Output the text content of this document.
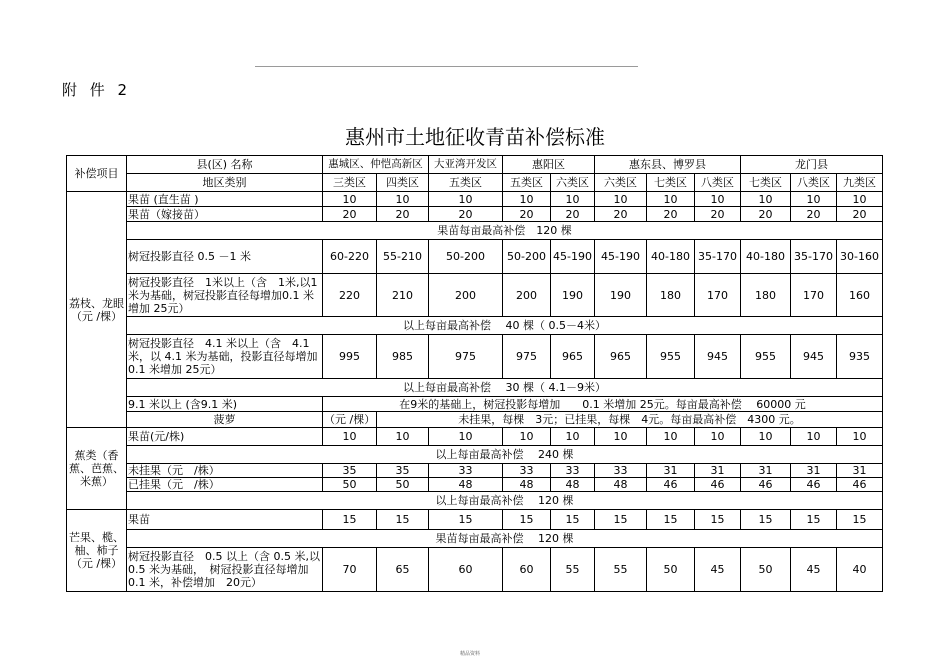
附 件 2
惠州市土地征收青苗补偿标准
补偿项目	县(区) 名称	惠城区、仲恺高新区		大亚湾开发区	惠阳区		惠东县、博罗县			龙门县		
	地区类别	三类区	四类区	五类区	五类区	六类区	六类区	七类区	八类区	七类区	八类区	九类区
荔枝、龙眼（元 /棵）	果苗 (直生苗 )	10	10	10	10	10	10	10	10	10	10	10
	果苗（嫁接苗）	20	20	20	20	20	20	20	20	20	20	20
	果苗每亩最高补偿　120 棵											
	树冠投影直径 0.5 －1 米	60-220	55-210	50-200	50-200	45-190	45-190	40-180	35-170	40-180	35-170	30-160
	树冠投影直径　1米以上（含　1米,以1米为基础，树冠投影直径每增加0.1 米增加 25元）	220	210	200	200	190	190	180	170	180	170	160
	以上每亩最高补偿　 40 棵（ 0.5－4米）											
	树冠投影直径　4.1 米以上（含　4.1米，以 4.1 米为基础，投影直径每增加 0.1 米增加 25元）	995	985	975	975	965	965	955	945	955	945	935
	以上每亩最高补偿　 30 棵（ 4.1－9米）											
	9.1 米以上 (含9.1 米)	在9米的基础上，树冠投影每增加　　0.1 米增加 25元。每亩最高补偿　 60000 元										
	菠萝	（元 /棵）	未挂果，每棵　3元；已挂果，每棵　4元。每亩最高补偿　4300 元。									
蕉类（香蕉、芭蕉、米蕉）	果苗(元/株)	10	10	10	10	10	10	10	10	10	10	10
	以上每亩最高补偿　 240 棵											
	未挂果（元　/株）	35	35	33	33	33	33	31	31	31	31	31
	已挂果（元　/株）	50	50	48	48	48	48	46	46	46	46	46
	以上每亩最高补偿　 120 棵											
芒果、榄、柚、柿子（元 /棵）	果苗	15	15	15	15	15	15	15	15	15	15	15
	果苗每亩最高补偿　 120 棵											
	树冠投影直径　0.5 以上（含 0.5 米,以0.5 米为基础，　树冠投影直径每增加 0.1 米，补偿增加　20元）	70	65	60	60	55	55	50	45	50	45	40
精品资料
